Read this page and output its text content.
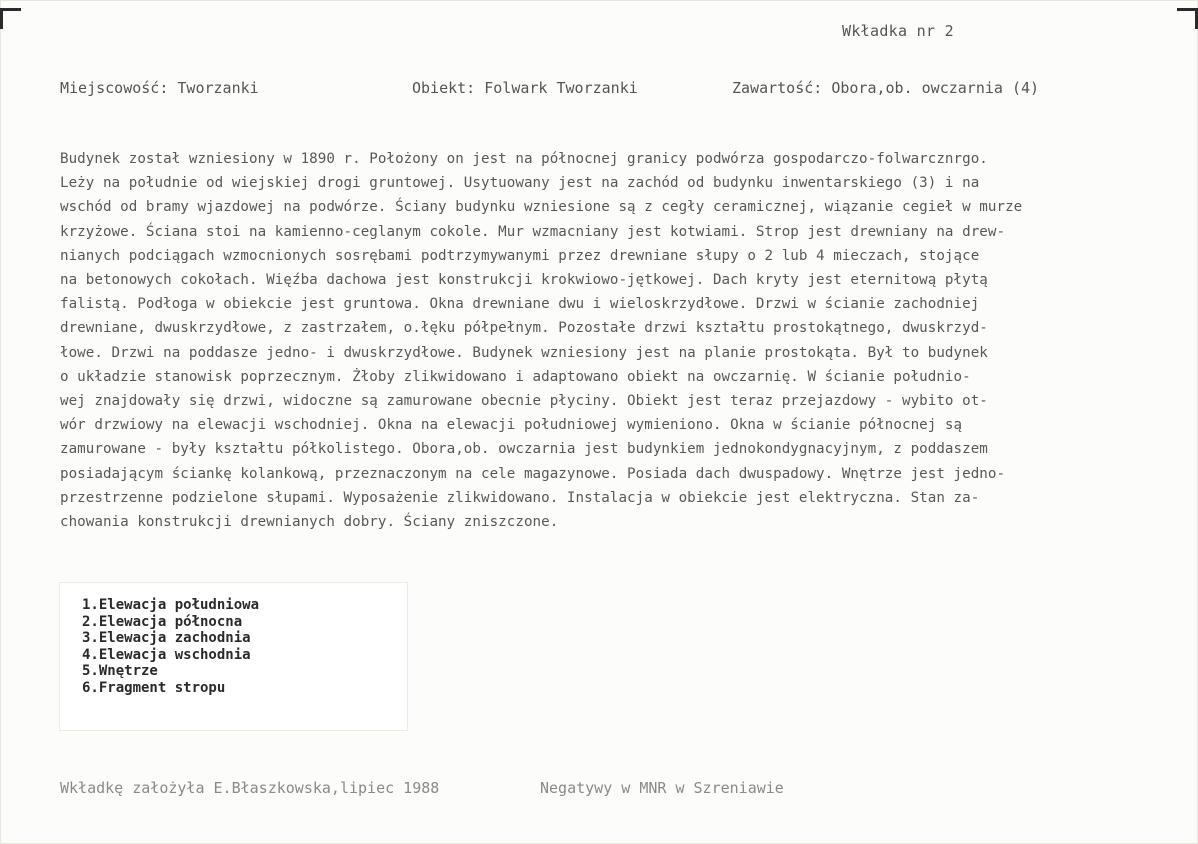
Wkładka nr 2
Miejscowość: Tworzanki	Obiekt: Folwark Tworzanki	Zawartość: Obora,ob. owczarnia (4)
Budynek został wzniesiony w 1890 r. Położony on jest na północnej granicy podwórza gospodarczo-folwarcznrgo.
Leży na południe od wiejskiej drogi gruntowej. Usytuowany jest na zachód od budynku inwentarskiego (3) i na
wschód od bramy wjazdowej na podwórze. Ściany budynku wzniesione są z cegły ceramicznej, wiązanie cegieł w murze
krzyżowe. Ściana stoi na kamienno-ceglanym cokole. Mur wzmacniany jest kotwiami. Strop jest drewniany na drew-
nianych podciągach wzmocnionych sosrębami podtrzymywanymi przez drewniane słupy o 2 lub 4 mieczach, stojące
na betonowych cokołach. Więźba dachowa jest konstrukcji krokwiowo-jętkowej. Dach kryty jest eternitową płytą
falistą. Podłoga w obiekcie jest gruntowa. Okna drewniane dwu i wieloskrzydłowe. Drzwi w ścianie zachodniej
drewniane, dwuskrzydłowe, z zastrzałem, o.łęku półpełnym. Pozostałe drzwi kształtu prostokątnego, dwuskrzyd-
łowe. Drzwi na poddasze jedno- i dwuskrzydłowe. Budynek wzniesiony jest na planie prostokąta. Był to budynek
o układzie stanowisk poprzecznym. Żłoby zlikwidowano i adaptowano obiekt na owczarnię. W ścianie południo-
wej znajdowały się drzwi, widoczne są zamurowane obecnie płyciny. Obiekt jest teraz przejazdowy - wybito ot-
wór drzwiowy na elewacji wschodniej. Okna na elewacji południowej wymieniono. Okna w ścianie północnej są
zamurowane - były kształtu półkolistego. Obora,ob. owczarnia jest budynkiem jednokondygnacyjnym, z poddaszem
posiadającym ściankę kolankową, przeznaczonym na cele magazynowe. Posiada dach dwuspadowy. Wnętrze jest jedno-
przestrzenne podzielone słupami. Wyposażenie zlikwidowano. Instalacja w obiekcie jest elektryczna. Stan za-
chowania konstrukcji drewnianych dobry. Ściany zniszczone.
1.Elewacja południowa
2.Elewacja północna
3.Elewacja zachodnia
4.Elewacja wschodnia
5.Wnętrze
6.Fragment stropu
Wkładkę założyła E.Błaszkowska,lipiec 1988	Negatywy w MNR w Szreniawie
